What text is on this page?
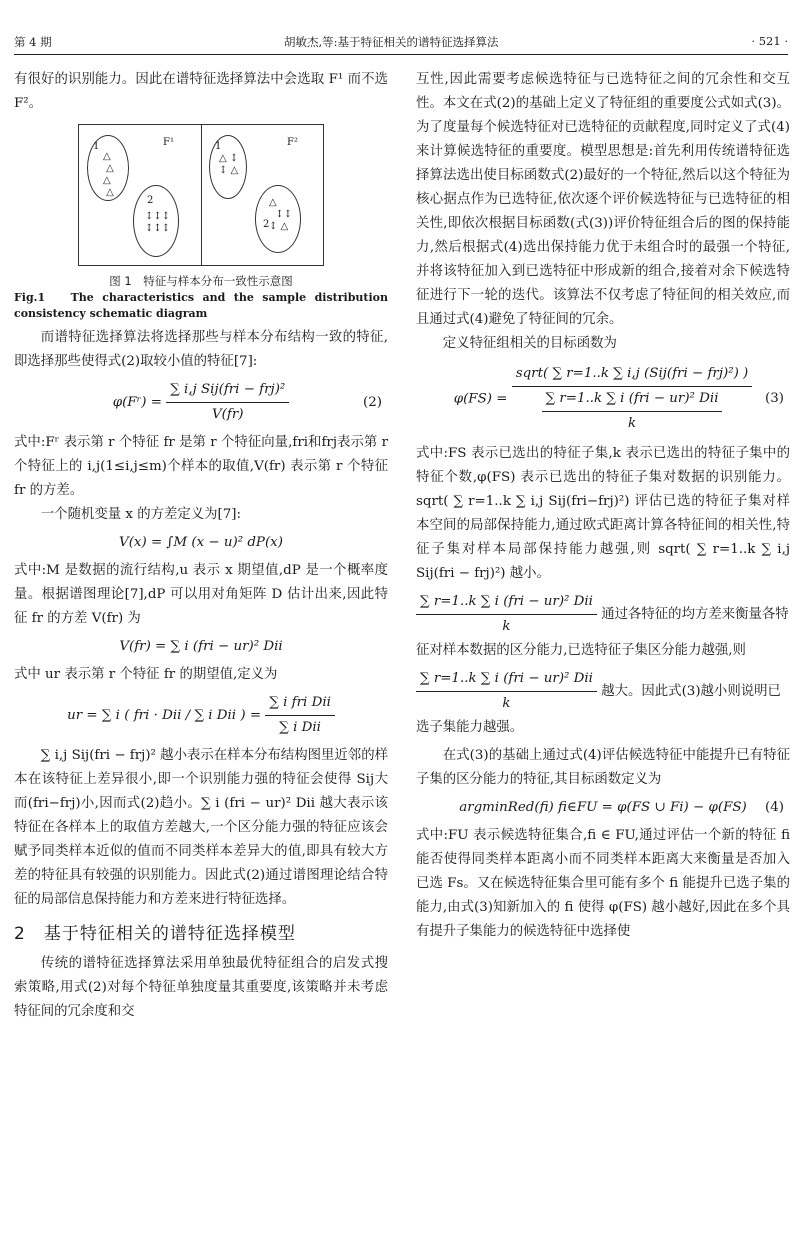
第 4 期	胡敏杰,等:基于特征相关的谱特征选择算法	· 521 ·

有很好的识别能力。因此在谱特征选择算法中会选取 F¹ 而不选 F²。

F¹	F²
1
2
1
2
△
△
△
△
↕↕↕
↕↕↕
△ ↕
↕ △
△
↕↕
↕ △
图 1　特征与样本分布一致性示意图
Fig.1 The characteristics and the sample distribution consistency schematic diagram

而谱特征选择算法将选择那些与样本分布结构一致的特征,即选择那些使得式(2)取较小值的特征[7]:

φ(Fʳ) = $\frac{\text{∑ i,j Sij(fri − frj)²}}{V(fr)}$	(2)

式中:Fʳ 表示第 r 个特征 fr 是第 r 个特征向量,fri和frj表示第 r 个特征上的 i,j(1≤i,j≤m)个样本的取值,V(fr) 表示第 r 个特征 fr 的方差。

一个随机变量 x 的方差定义为[7]:

V(x) = ∫M (x − u)² dP(x)

式中:M 是数据的流行结构,u 表示 x 期望值,dP 是一个概率度量。根据谱图理论[7],dP 可以用对角矩阵 D 估计出来,因此特征 fr 的方差 V(fr) 为

V(fr) = ∑ i (fri − ur)² Dii

式中 ur 表示第 r 个特征 fr 的期望值,定义为

ur = ∑ i ( fri · Dii / ∑ i Dii ) = $\frac{\text{∑ i fri Dii}}{\text{∑ i Dii}}$

∑ i,j Sij(fri − frj)² 越小表示在样本分布结构图里近邻的样本在该特征上差异很小,即一个识别能力强的特征会使得 Sij大而(fri−frj)小,因而式(2)趋小。∑ i (fri − ur)² Dii 越大表示该特征在各样本上的取值方差越大,一个区分能力强的特征应该会赋予同类样本近似的值而不同类样本差异大的值,即具有较大方差的特征具有较强的识别能力。因此式(2)通过谱图理论结合特征的局部信息保持能力和方差来进行特征选择。

2　基于特征相关的谱特征选择模型

传统的谱特征选择算法采用单独最优特征组合的启发式搜索策略,用式(2)对每个特征单独度量其重要度,该策略并未考虑特征间的冗余度和交

互性,因此需要考虑候选特征与已选特征之间的冗余性和交互性。本文在式(2)的基础上定义了特征组的重要度公式如式(3)。为了度量每个候选特征对已选特征的贡献程度,同时定义了式(4)来计算候选特征的重要度。模型思想是:首先利用传统谱特征选择算法选出使目标函数式(2)最好的一个特征,然后以这个特征为核心据点作为已选特征,依次逐个评价候选特征与已选特征的相关性,即依次根据目标函数(式(3))评价特征组合后的图的保持能力,然后根据式(4)选出保持能力优于未组合时的最强一个特征,并将该特征加入到已选特征中形成新的组合,接着对余下候选特征进行下一轮的迭代。该算法不仅考虑了特征间的相关效应,而且通过式(4)避免了特征间的冗余。

定义特征组相关的目标函数为

$\varphi(FS) = \frac{\text{sqrt( ∑ r=1..k ∑ i,j (Sij(fri − frj)²) )}}{\frac{\text{∑ r=1..k ∑ i (fri − ur)² Dii}}{k}} (3)$

式中:FS 表示已选出的特征子集,k 表示已选出的特征子集中的特征个数,φ(FS) 表示已选出的特征子集对数据的识别能力。sqrt( ∑ r=1..k ∑ i,j Sij(fri−frj)²) 评估已选的特征子集对样本空间的局部保持能力,通过欧式距离计算各特征间的相关性,特征子集对样本局部保持能力越强,则 sqrt( ∑ r=1..k ∑ i,j Sij(fri − frj)²) 越小。

$\frac{\text{∑ r=1..k ∑ i (fri − ur)² Dii}}{k}$ 通过各特征的均方差来衡量各特征对样本数据的区分能力,已选特征子集区分能力越强,则
$\frac{\text{∑ r=1..k ∑ i (fri − ur)² Dii}}{k}$ 越大。因此式(3)越小则说明已选子集能力越强。

在式(3)的基础上通过式(4)评估候选特征中能提升已有特征子集的区分能力的特征,其目标函数定义为

argminRed(fi) fi∈FU = φ(FS ∪ Fi) − φ(FS) (4)

式中:FU 表示候选特征集合,fi ∈ FU,通过评估一个新的特征 fi 能否使得同类样本距离小而不同类样本距离大来衡量是否加入已选 Fs。又在候选特征集合里可能有多个 fi 能提升已选子集的能力,由式(3)知新加入的 fi 使得 φ(FS) 越小越好,因此在多个具有提升子集能力的候选特征中选择使
